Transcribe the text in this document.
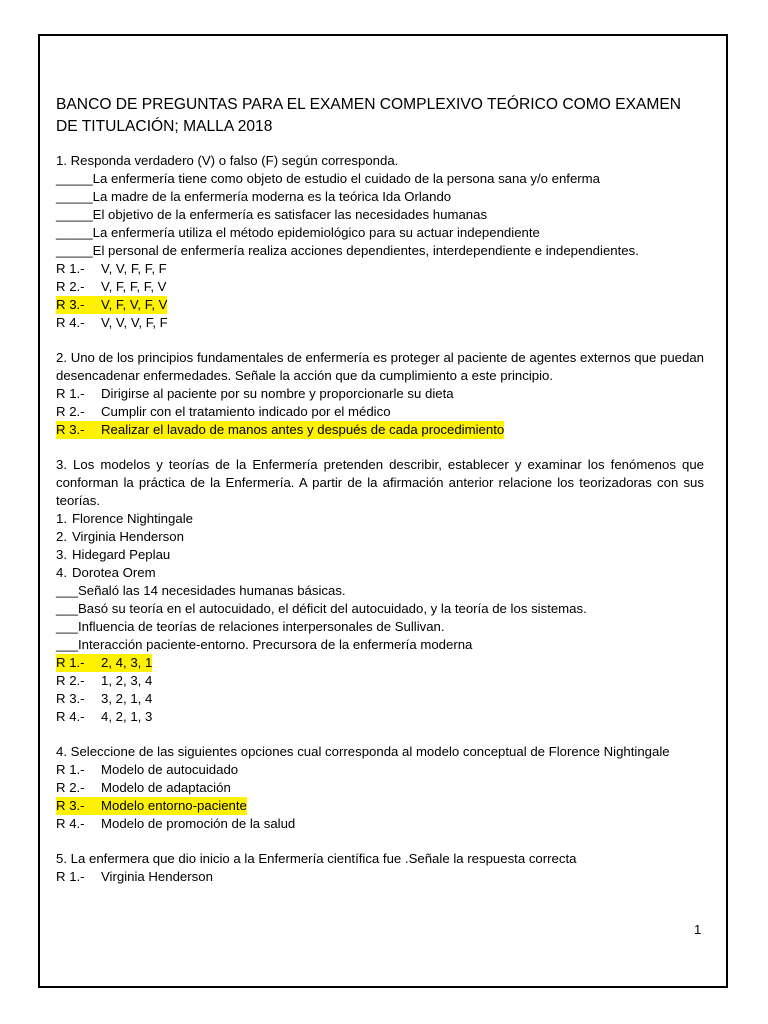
BANCO DE PREGUNTAS PARA EL EXAMEN COMPLEXIVO TEÓRICO COMO EXAMEN DE TITULACIÓN; MALLA 2018
1. Responda verdadero (V) o falso (F) según corresponda.
_____La enfermería tiene como objeto de estudio el cuidado de la persona sana y/o enferma
_____La madre de la enfermería moderna es la teórica Ida Orlando
_____El objetivo de la enfermería es satisfacer las necesidades humanas
_____La enfermería utiliza el método epidemiológico para su actuar independiente
_____El personal de enfermería realiza acciones dependientes, interdependiente e independientes.
R 1.- V, V, F, F, F
R 2.- V, F, F, F, V
R 3.- V, F, V, F, V
R 4.- V, V, V, F, F
2. Uno de los principios fundamentales de enfermería es proteger al paciente de agentes externos que puedan desencadenar enfermedades. Señale la acción que da cumplimiento a este principio.
R 1.- Dirigirse al paciente por su nombre y proporcionarle su dieta
R 2.- Cumplir con el tratamiento indicado por el médico
R 3.- Realizar el lavado de manos antes y después de cada procedimiento
3. Los modelos y teorías de la Enfermería pretenden describir, establecer y examinar los fenómenos que conforman la práctica de la Enfermería. A partir de la afirmación anterior relacione los teorizadoras con sus teorías.
1. Florence Nightingale
2. Virginia Henderson
3. Hidegard Peplau
4. Dorotea Orem
___Señaló las 14 necesidades humanas básicas.
___Basó su teoría en el autocuidado, el déficit del autocuidado, y la teoría de los sistemas.
___Influencia de teorías de relaciones interpersonales de Sullivan.
___Interacción paciente-entorno. Precursora de la enfermería moderna
R 1.- 2, 4, 3, 1
R 2.- 1, 2, 3, 4
R 3.- 3, 2, 1, 4
R 4.- 4, 2, 1, 3
4. Seleccione de las siguientes opciones cual corresponda al modelo conceptual de Florence Nightingale
R 1.- Modelo de autocuidado
R 2.- Modelo de adaptación
R 3.- Modelo entorno-paciente
R 4.- Modelo de promoción de la salud
5. La enfermera que dio inicio a la Enfermería científica fue .Señale la respuesta correcta
R 1.- Virginia Henderson
1
